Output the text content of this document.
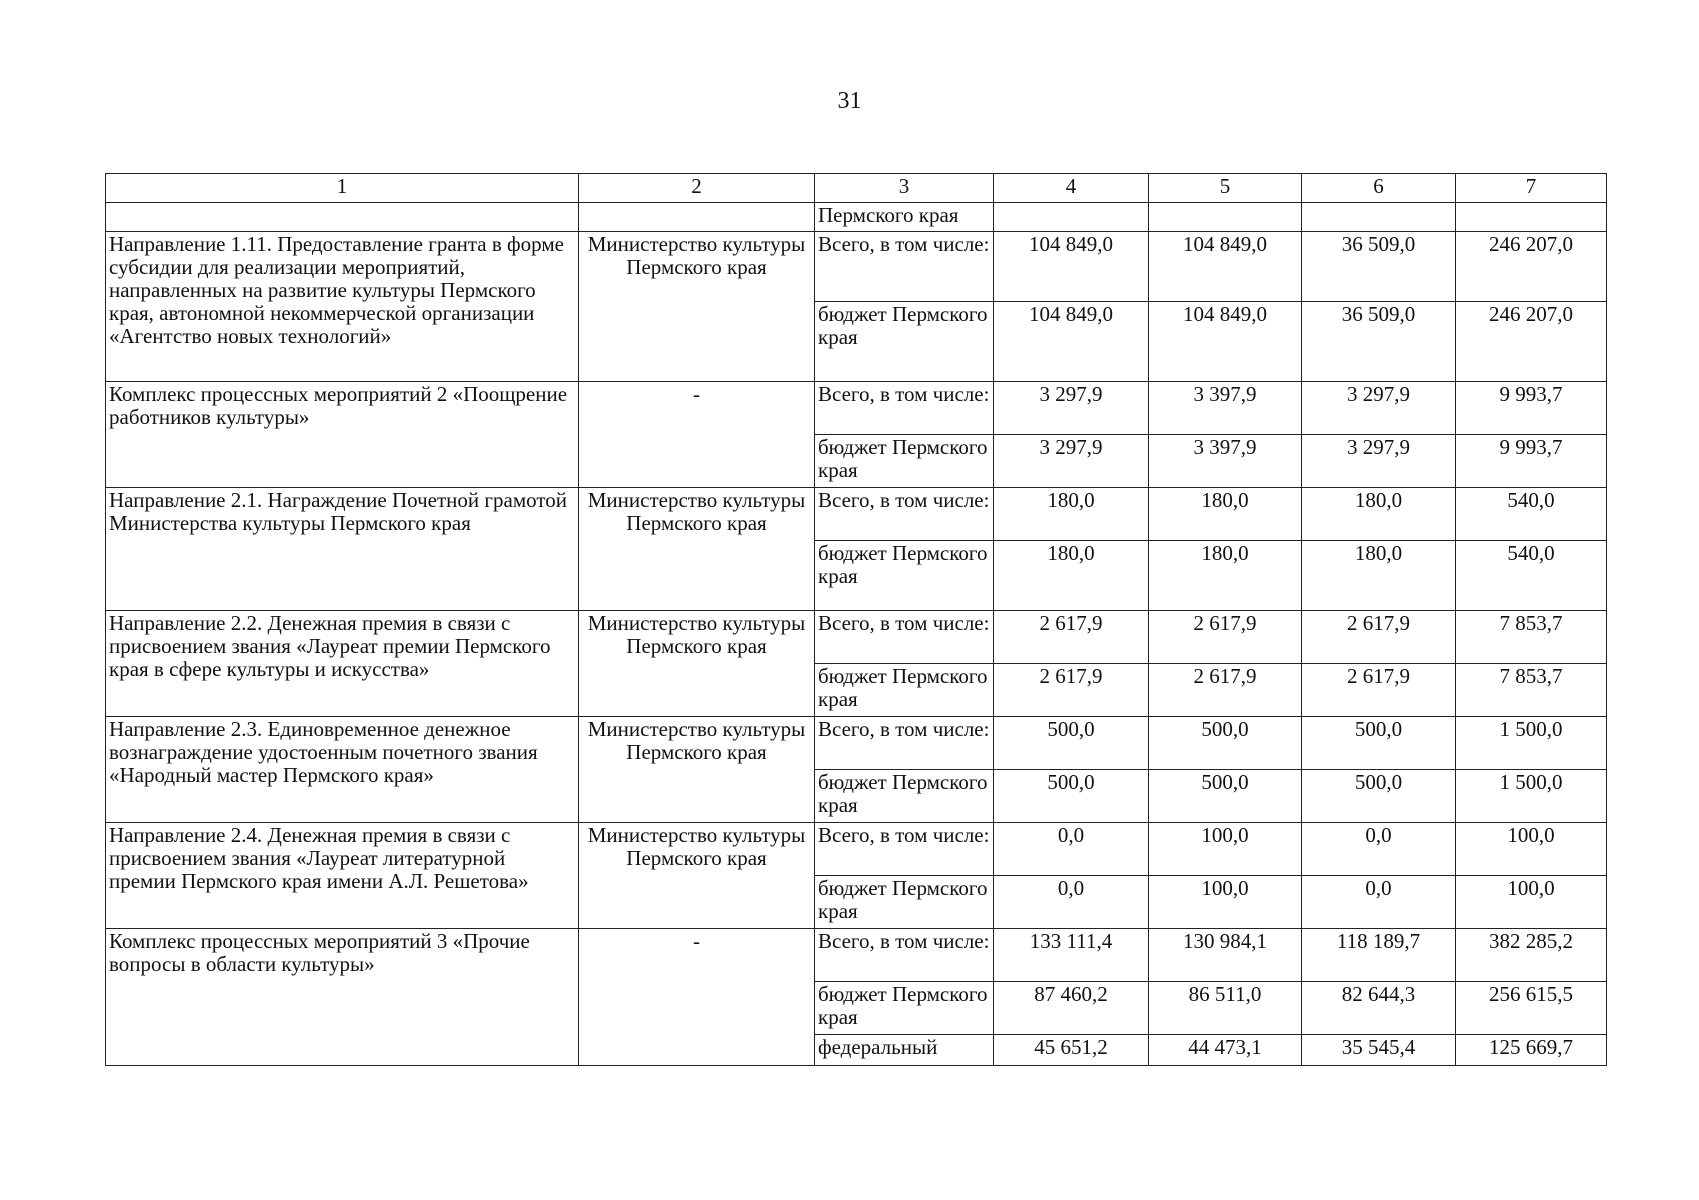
31
1	2	3	4	5	6	7
		Пермского края				
Направление 1.11. Предоставление гранта в форме субсидии для реализации мероприятий, направленных на развитие культуры Пермского края, автономной некоммерческой организации «Агентство новых технологий»	Министерство культуры Пермского края	Всего, в том числе:	104 849,0	104 849,0	36 509,0	246 207,0
		бюджет Пермского края	104 849,0	104 849,0	36 509,0	246 207,0
Комплекс процессных мероприятий 2 «Поощрение работников культуры»	-	Всего, в том числе:	3 297,9	3 397,9	3 297,9	9 993,7
		бюджет Пермского края	3 297,9	3 397,9	3 297,9	9 993,7
Направление 2.1. Награждение Почетной грамотой Министерства культуры Пермского края	Министерство культуры Пермского края	Всего, в том числе:	180,0	180,0	180,0	540,0
		бюджет Пермского края	180,0	180,0	180,0	540,0
Направление 2.2. Денежная премия в связи с присвоением звания «Лауреат премии Пермского края в сфере культуры и искусства»	Министерство культуры Пермского края	Всего, в том числе:	2 617,9	2 617,9	2 617,9	7 853,7
		бюджет Пермского края	2 617,9	2 617,9	2 617,9	7 853,7
Направление 2.3. Единовременное денежное вознаграждение удостоенным почетного звания «Народный мастер Пермского края»	Министерство культуры Пермского края	Всего, в том числе:	500,0	500,0	500,0	1 500,0
		бюджет Пермского края	500,0	500,0	500,0	1 500,0
Направление 2.4. Денежная премия в связи с присвоением звания «Лауреат литературной премии Пермского края имени А.Л. Решетова»	Министерство культуры Пермского края	Всего, в том числе:	0,0	100,0	0,0	100,0
		бюджет Пермского края	0,0	100,0	0,0	100,0
Комплекс процессных мероприятий 3 «Прочие вопросы в области культуры»	-	Всего, в том числе:	133 111,4	130 984,1	118 189,7	382 285,2
		бюджет Пермского края	87 460,2	86 511,0	82 644,3	256 615,5
		федеральный	45 651,2	44 473,1	35 545,4	125 669,7
